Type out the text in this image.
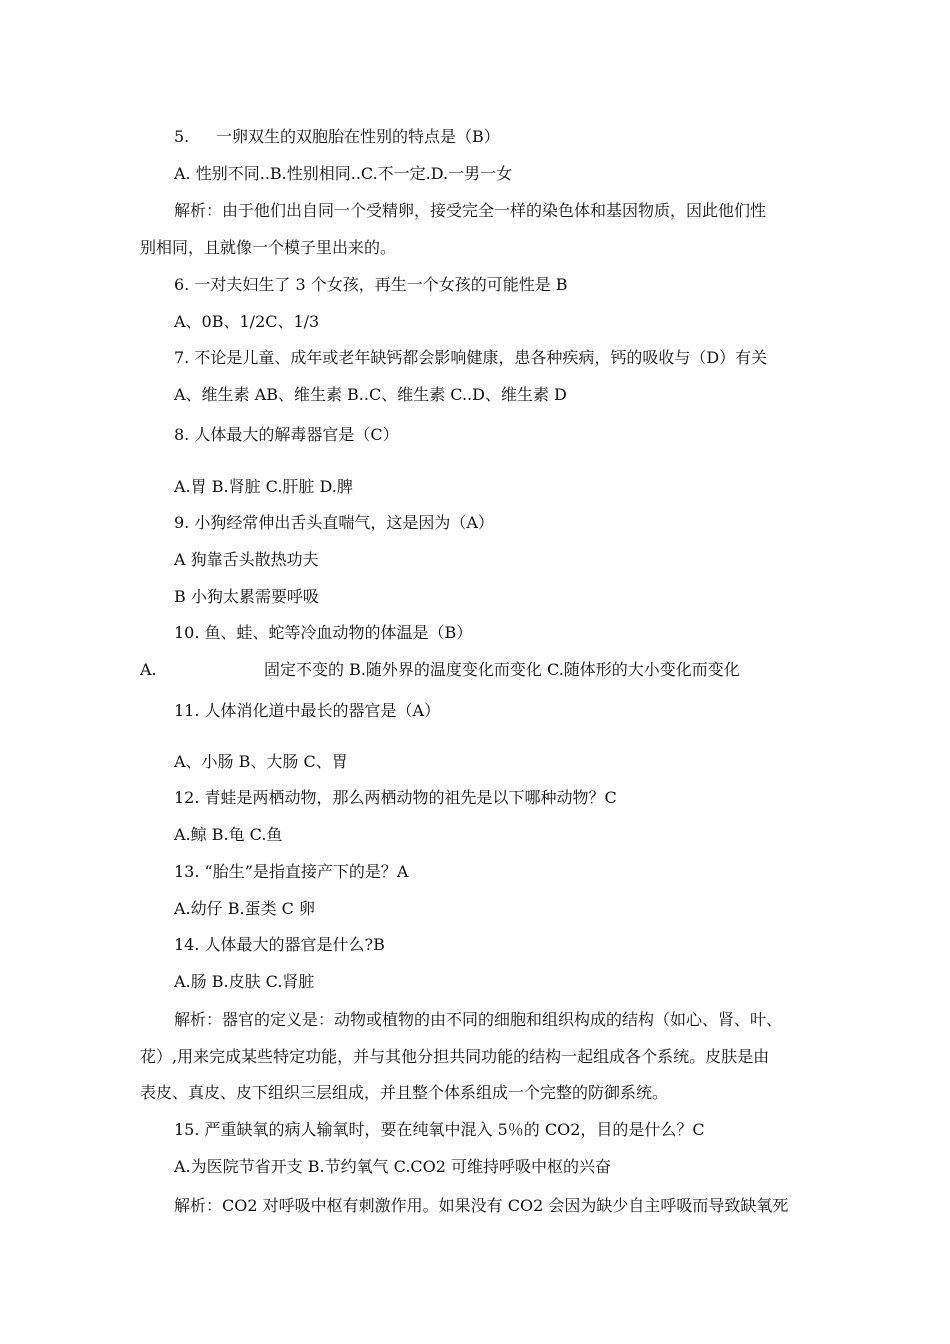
5. 一卵双生的双胞胎在性别的特点是（B）
A. 性别不同..B.性别相同..C.不一定.D.一男一女
解析：由于他们出自同一个受精卵，接受完全一样的染色体和基因物质，因此他们性
别相同，且就像一个模子里出来的。
6. 一对夫妇生了 3 个女孩，再生一个女孩的可能性是 B
A、0B、1/2C、1/3
7. 不论是儿童、成年或老年缺钙都会影响健康，患各种疾病，钙的吸收与（D）有关
A、维生素 AB、维生素 B..C、维生素 C..D、维生素 D
8. 人体最大的解毒器官是（C）
A.胃 B.肾脏 C.肝脏 D.脾
9. 小狗经常伸出舌头直喘气，这是因为（A）
A 狗靠舌头散热功夫
B 小狗太累需要呼吸
10. 鱼、蛙、蛇等冷血动物的体温是（B）
A.	固定不变的 B.随外界的温度变化而变化 C.随体形的大小变化而变化
11. 人体消化道中最长的器官是（A）
A、小肠 B、大肠 C、胃
12. 青蛙是两栖动物，那么两栖动物的祖先是以下哪种动物？C
A.鲸 B.龟 C.鱼
13. “胎生”是指直接产下的是？A
A.幼仔 B.蛋类 C 卵
14. 人体最大的器官是什么?B
A.肠 B.皮肤 C.肾脏
解析：器官的定义是：动物或植物的由不同的细胞和组织构成的结构（如心、肾、叶、
花）,用来完成某些特定功能，并与其他分担共同功能的结构一起组成各个系统。皮肤是由
表皮、真皮、皮下组织三层组成，并且整个体系组成一个完整的防御系统。
15. 严重缺氧的病人输氧时，要在纯氧中混入 5％的 CO2，目的是什么？C
A.为医院节省开支 B.节约氧气 C.CO2 可维持呼吸中枢的兴奋
解析：CO2 对呼吸中枢有刺激作用。如果没有 CO2 会因为缺少自主呼吸而导致缺氧死
